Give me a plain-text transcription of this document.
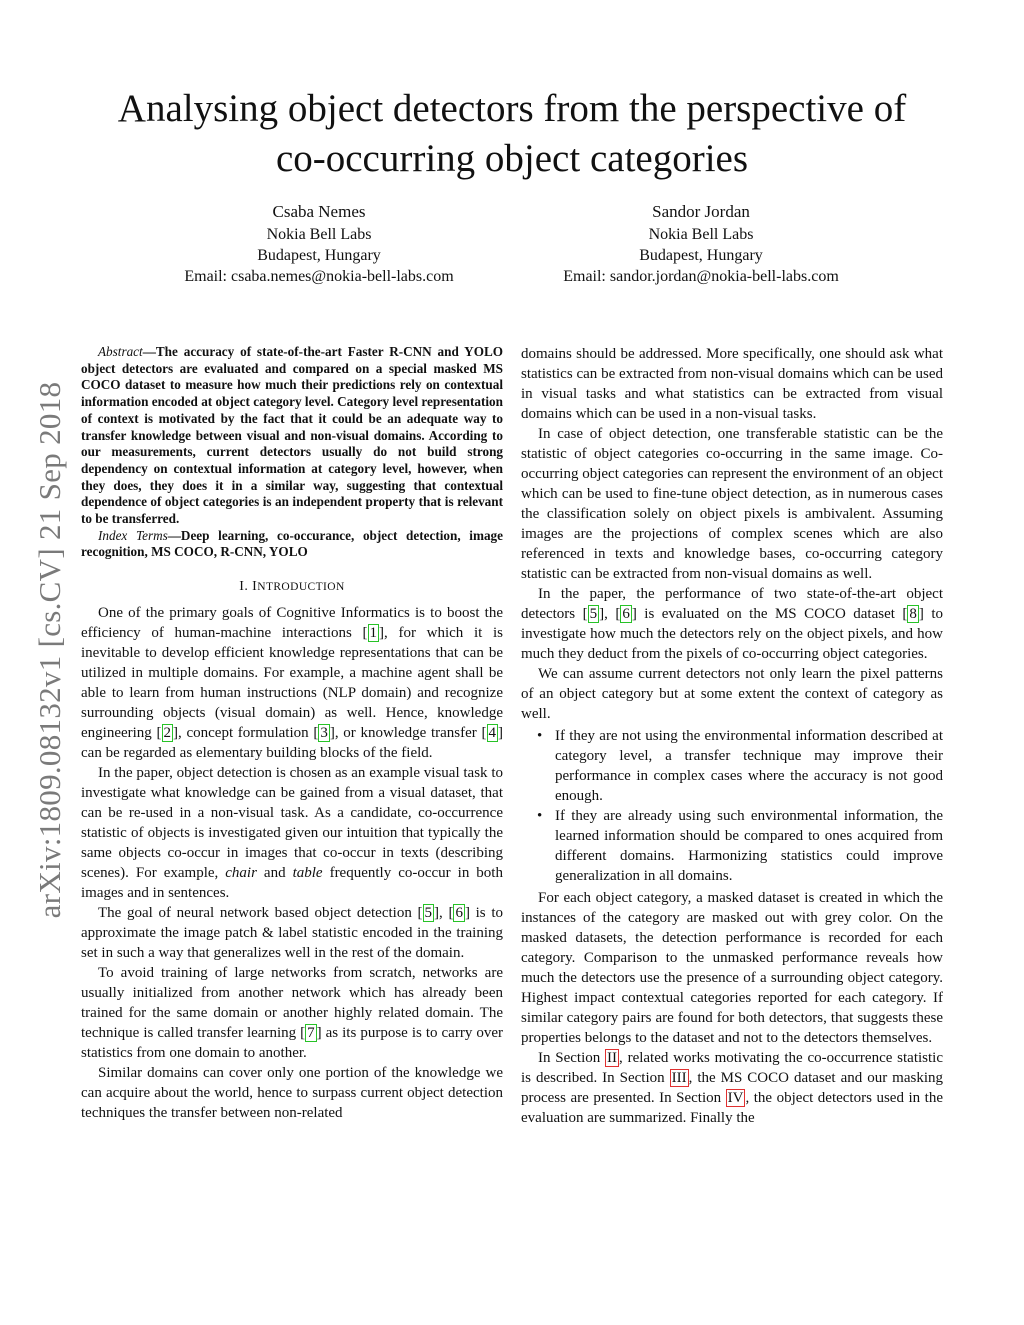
arXiv:1809.08132v1 [cs.CV] 21 Sep 2018
Analysing object detectors from the perspective of
co-occurring object categories
Csaba Nemes
Nokia Bell Labs
Budapest, Hungary
Email: csaba.nemes@nokia-bell-labs.com
Sandor Jordan
Nokia Bell Labs
Budapest, Hungary
Email: sandor.jordan@nokia-bell-labs.com

Abstract—The accuracy of state-of-the-art Faster R-CNN and YOLO object detectors are evaluated and compared on a special masked MS COCO dataset to measure how much their predictions rely on contextual information encoded at object category level. Category level representation of context is motivated by the fact that it could be an adequate way to transfer knowledge between visual and non-visual domains. According to our measurements, current detectors usually do not build strong dependency on contextual information at category level, however, when they does, they does it in a similar way, suggesting that contextual dependence of object categories is an independent property that is relevant to be transferred.

Index Terms—Deep learning, co-occurance, object detection, image recognition, MS COCO, R-CNN, YOLO

I. INTRODUCTION

One of the primary goals of Cognitive Informatics is to boost the efficiency of human-machine interactions [ 1 ], for which it is inevitable to develop efficient knowledge representations that can be utilized in multiple domains. For example, a machine agent shall be able to learn from human instructions (NLP domain) and recognize surrounding objects (visual domain) as well. Hence, knowledge engineering [ 2 ], concept formulation [ 3 ], or knowledge transfer [ 4 ] can be regarded as elementary building blocks of the field.

In the paper, object detection is chosen as an example visual task to investigate what knowledge can be gained from a visual dataset, that can be re-used in a non-visual task. As a candidate, co-occurrence statistic of objects is investigated given our intuition that typically the same objects co-occur in images that co-occur in texts (describing scenes). For example, chair and table frequently co-occur in both images and in sentences.

The goal of neural network based object detection [ 5 ], [ 6 ] is to approximate the image patch & label statistic encoded in the training set in such a way that generalizes well in the rest of the domain.

To avoid training of large networks from scratch, networks are usually initialized from another network which has already been trained for the same domain or another highly related domain. The technique is called transfer learning [ 7 ] as its purpose is to carry over statistics from one domain to another.

Similar domains can cover only one portion of the knowledge we can acquire about the world, hence to surpass current object detection techniques the transfer between non-related

domains should be addressed. More specifically, one should ask what statistics can be extracted from non-visual domains which can be used in visual tasks and what statistics can be extracted from visual domains which can be used in a non-visual tasks.

In case of object detection, one transferable statistic can be the statistic of object categories co-occurring in the same image. Co-occurring object categories can represent the environment of an object which can be used to fine-tune object detection, as in numerous cases the classification solely on object pixels is ambivalent. Assuming images are the projections of complex scenes which are also referenced in texts and knowledge bases, co-occurring category statistic can be extracted from non-visual domains as well.

In the paper, the performance of two state-of-the-art object detectors [ 5 ], [ 6 ] is evaluated on the MS COCO dataset [ 8 ] to investigate how much the detectors rely on the object pixels, and how much they deduct from the pixels of co-occurring object categories.

We can assume current detectors not only learn the pixel patterns of an object category but at some extent the context of category as well.

• If they are not using the environmental information described at category level, a transfer technique may improve their performance in complex cases where the accuracy is not good enough.
• If they are already using such environmental information, the learned information should be compared to ones acquired from different domains. Harmonizing statistics could improve generalization in all domains.

For each object category, a masked dataset is created in which the instances of the category are masked out with grey color. On the masked datasets, the detection performance is recorded for each category. Comparison to the unmasked performance reveals how much the detectors use the presence of a surrounding object category. Highest impact contextual categories reported for each category. If similar category pairs are found for both detectors, that suggests these properties belongs to the dataset and not to the detectors themselves.

In Section II , related works motivating the co-occurrence statistic is described. In Section III , the MS COCO dataset and our masking process are presented. In Section IV , the object detectors used in the evaluation are summarized. Finally the
